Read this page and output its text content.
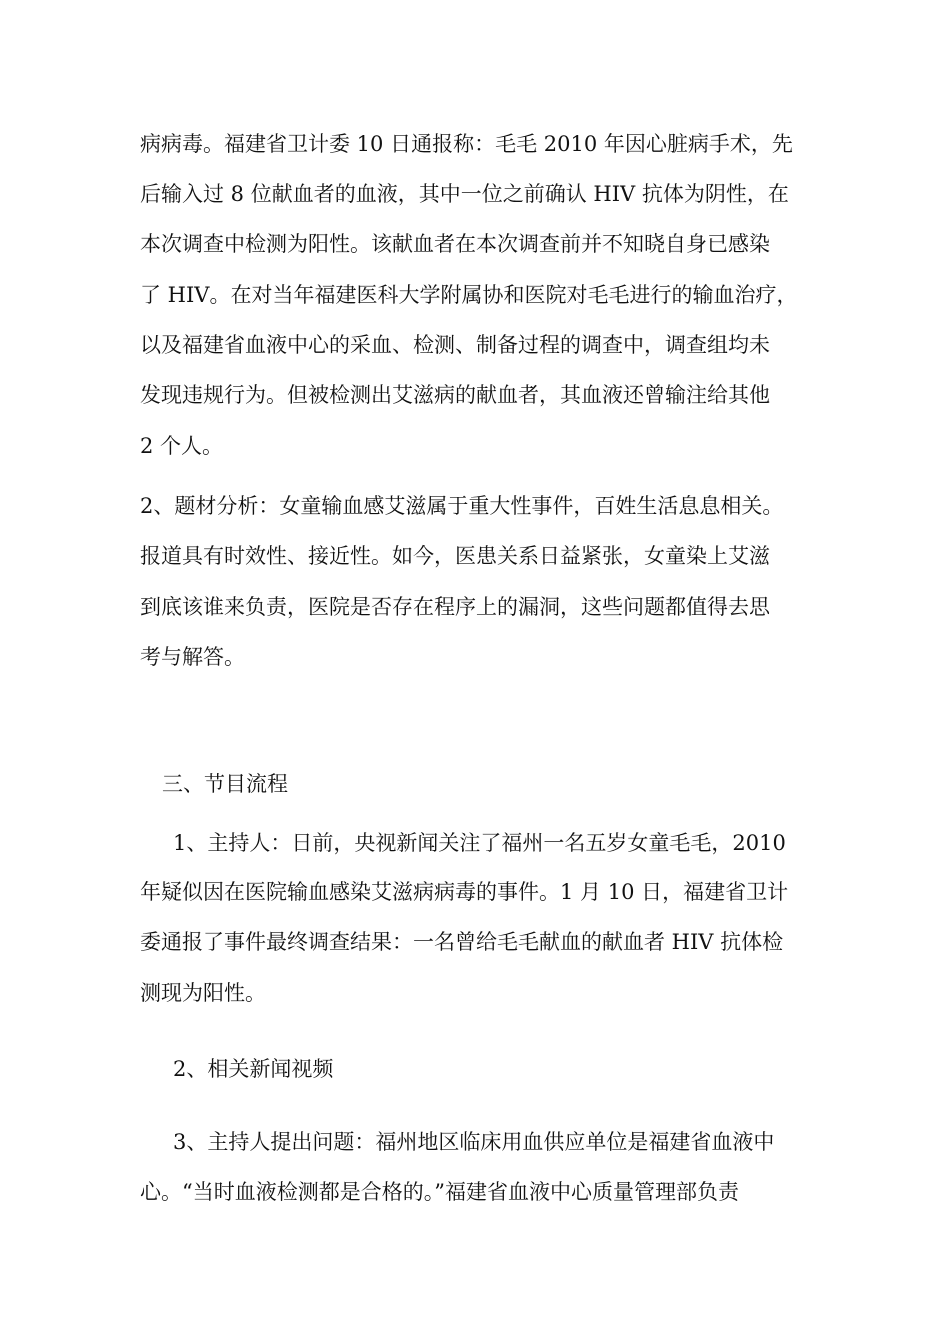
病病毒。福建省卫计委 10 日通报称：毛毛 2010 年因心脏病手术，先
后输入过 8 位献血者的血液，其中一位之前确认 HIV 抗体为阴性，在
本次调查中检测为阳性。该献血者在本次调查前并不知晓自身已感染
了 HIV。在对当年福建医科大学附属协和医院对毛毛进行的输血治疗，
以及福建省血液中心的采血、检测、制备过程的调查中，调查组均未
发现违规行为。但被检测出艾滋病的献血者，其血液还曾输注给其他
2 个人。
2、题材分析：女童输血感艾滋属于重大性事件，百姓生活息息相关。
报道具有时效性、接近性。如今，医患关系日益紧张，女童染上艾滋
到底该谁来负责，医院是否存在程序上的漏洞，这些问题都值得去思
考与解答。
三、节目流程
1、主持人：日前，央视新闻关注了福州一名五岁女童毛毛，2010
年疑似因在医院输血感染艾滋病病毒的事件。1 月 10 日，福建省卫计
委通报了事件最终调查结果：一名曾给毛毛献血的献血者 HIV 抗体检
测现为阳性。
2、相关新闻视频
3、主持人提出问题：福州地区临床用血供应单位是福建省血液中
心。“当时血液检测都是合格的。”福建省血液中心质量管理部负责
